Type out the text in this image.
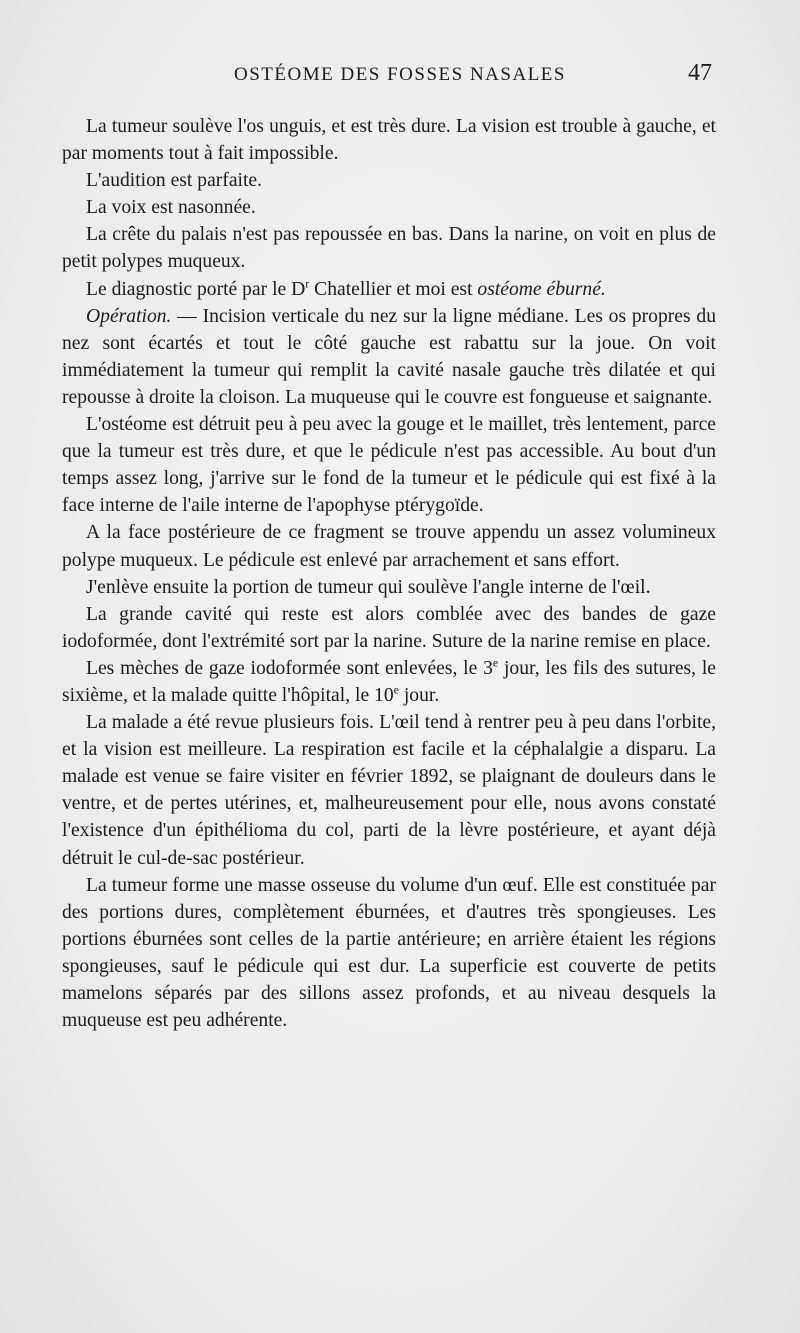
OSTÉOME DES FOSSES NASALES	47

La tumeur soulève l'os unguis, et est très dure. La vision est trouble à gauche, et par moments tout à fait impossible.

L'audition est parfaite.

La voix est nasonnée.

La crête du palais n'est pas repoussée en bas. Dans la narine, on voit en plus de petit polypes muqueux.

Le diagnostic porté par le $D^r$ Chatellier et moi est ostéome éburné.

Opération. — Incision verticale du nez sur la ligne médiane. Les os propres du nez sont écartés et tout le côté gauche est rabattu sur la joue. On voit immédiatement la tumeur qui remplit la cavité nasale gauche très dilatée et qui repousse à droite la cloison. La muqueuse qui le couvre est fongueuse et saignante.

L'ostéome est détruit peu à peu avec la gouge et le maillet, très lentement, parce que la tumeur est très dure, et que le pédicule n'est pas accessible. Au bout d'un temps assez long, j'arrive sur le fond de la tumeur et le pédicule qui est fixé à la face interne de l'aile interne de l'apophyse ptérygoïde.

A la face postérieure de ce fragment se trouve appendu un assez volumineux polype muqueux. Le pédicule est enlevé par arrachement et sans effort.

J'enlève ensuite la portion de tumeur qui soulève l'angle interne de l'œil.

La grande cavité qui reste est alors comblée avec des bandes de gaze iodoformée, dont l'extrémité sort par la narine. Suture de la narine remise en place.

Les mèches de gaze iodoformée sont enlevées, le 3e jour, les fils des sutures, le sixième, et la malade quitte l'hôpital, le 10e jour.

La malade a été revue plusieurs fois. L'œil tend à rentrer peu à peu dans l'orbite, et la vision est meilleure. La respiration est facile et la céphalalgie a disparu. La malade est venue se faire visiter en février 1892, se plaignant de douleurs dans le ventre, et de pertes utérines, et, malheureusement pour elle, nous avons constaté l'existence d'un épithélioma du col, parti de la lèvre postérieure, et ayant déjà détruit le cul-de-sac postérieur.

La tumeur forme une masse osseuse du volume d'un œuf. Elle est constituée par des portions dures, complètement éburnées, et d'autres très spongieuses. Les portions éburnées sont celles de la partie antérieure; en arrière étaient les régions spongieuses, sauf le pédicule qui est dur. La superficie est couverte de petits mamelons séparés par des sillons assez profonds, et au niveau desquels la muqueuse est peu adhérente.
